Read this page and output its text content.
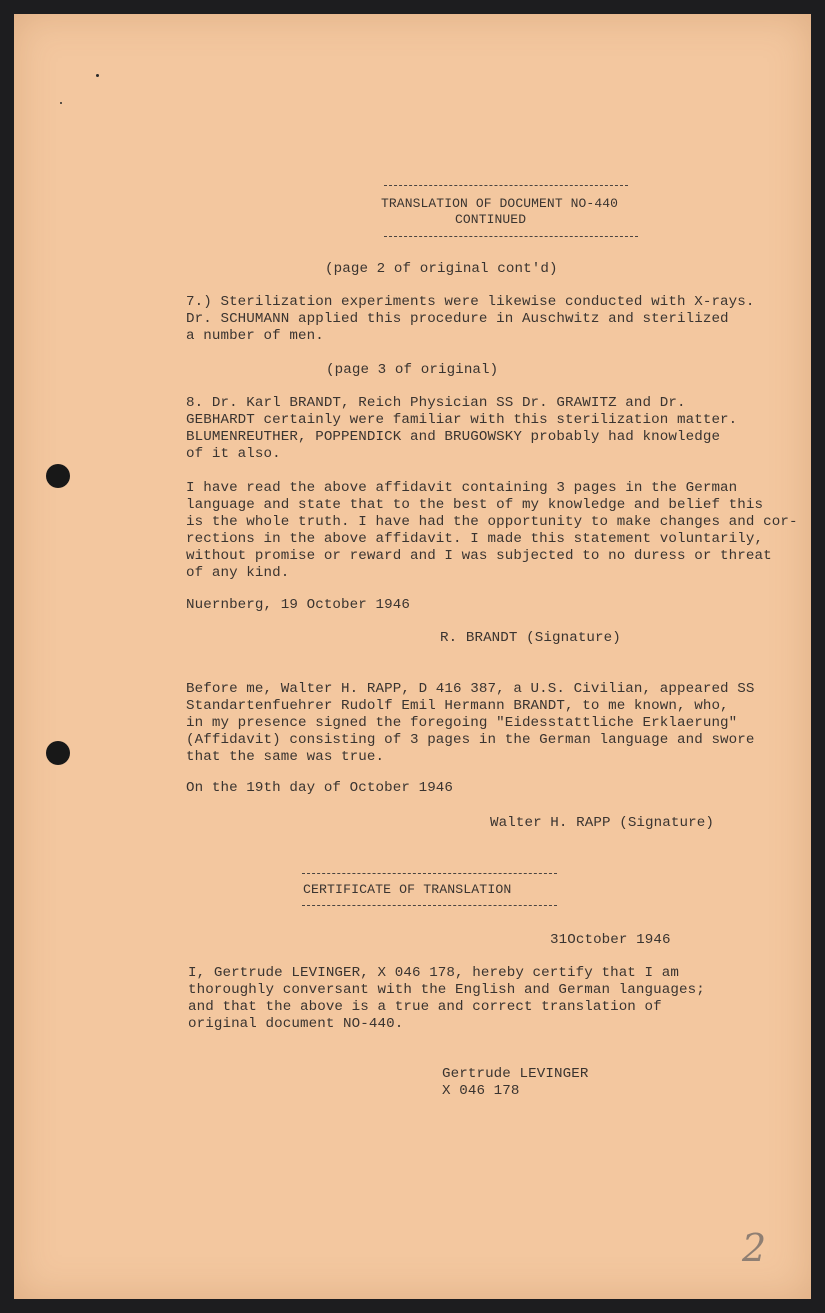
TRANSLATION OF DOCUMENT NO-440
CONTINUED
(page 2 of original cont'd)
7.) Sterilization experiments were likewise conducted with X-rays.
Dr. SCHUMANN applied this procedure in Auschwitz and sterilized
a number of men.
(page 3 of original)
8. Dr. Karl BRANDT, Reich Physician SS Dr. GRAWITZ and Dr.
GEBHARDT certainly were familiar with this sterilization matter.
BLUMENREUTHER, POPPENDICK and BRUGOWSKY probably had knowledge
of it also.
I have read the above affidavit containing 3 pages in the German
language and state that to the best of my knowledge and belief this
is the whole truth. I have had the opportunity to make changes and cor-
rections in the above affidavit. I made this statement voluntarily,
without promise or reward and I was subjected to no duress or threat
of any kind.
Nuernberg, 19 October 1946
R. BRANDT (Signature)
Before me, Walter H. RAPP, D 416 387, a U.S. Civilian, appeared SS
Standartenfuehrer Rudolf Emil Hermann BRANDT, to me known, who,
in my presence signed the foregoing "Eidesstattliche Erklaerung"
(Affidavit) consisting of 3 pages in the German language and swore
that the same was true.
On the 19th day of October 1946
Walter H. RAPP (Signature)
CERTIFICATE OF TRANSLATION
31October 1946
I, Gertrude LEVINGER, X 046 178, hereby certify that I am
thoroughly conversant with the English and German languages;
and that the above is a true and correct translation of
original document NO-440.
Gertrude LEVINGER
X 046 178
2
